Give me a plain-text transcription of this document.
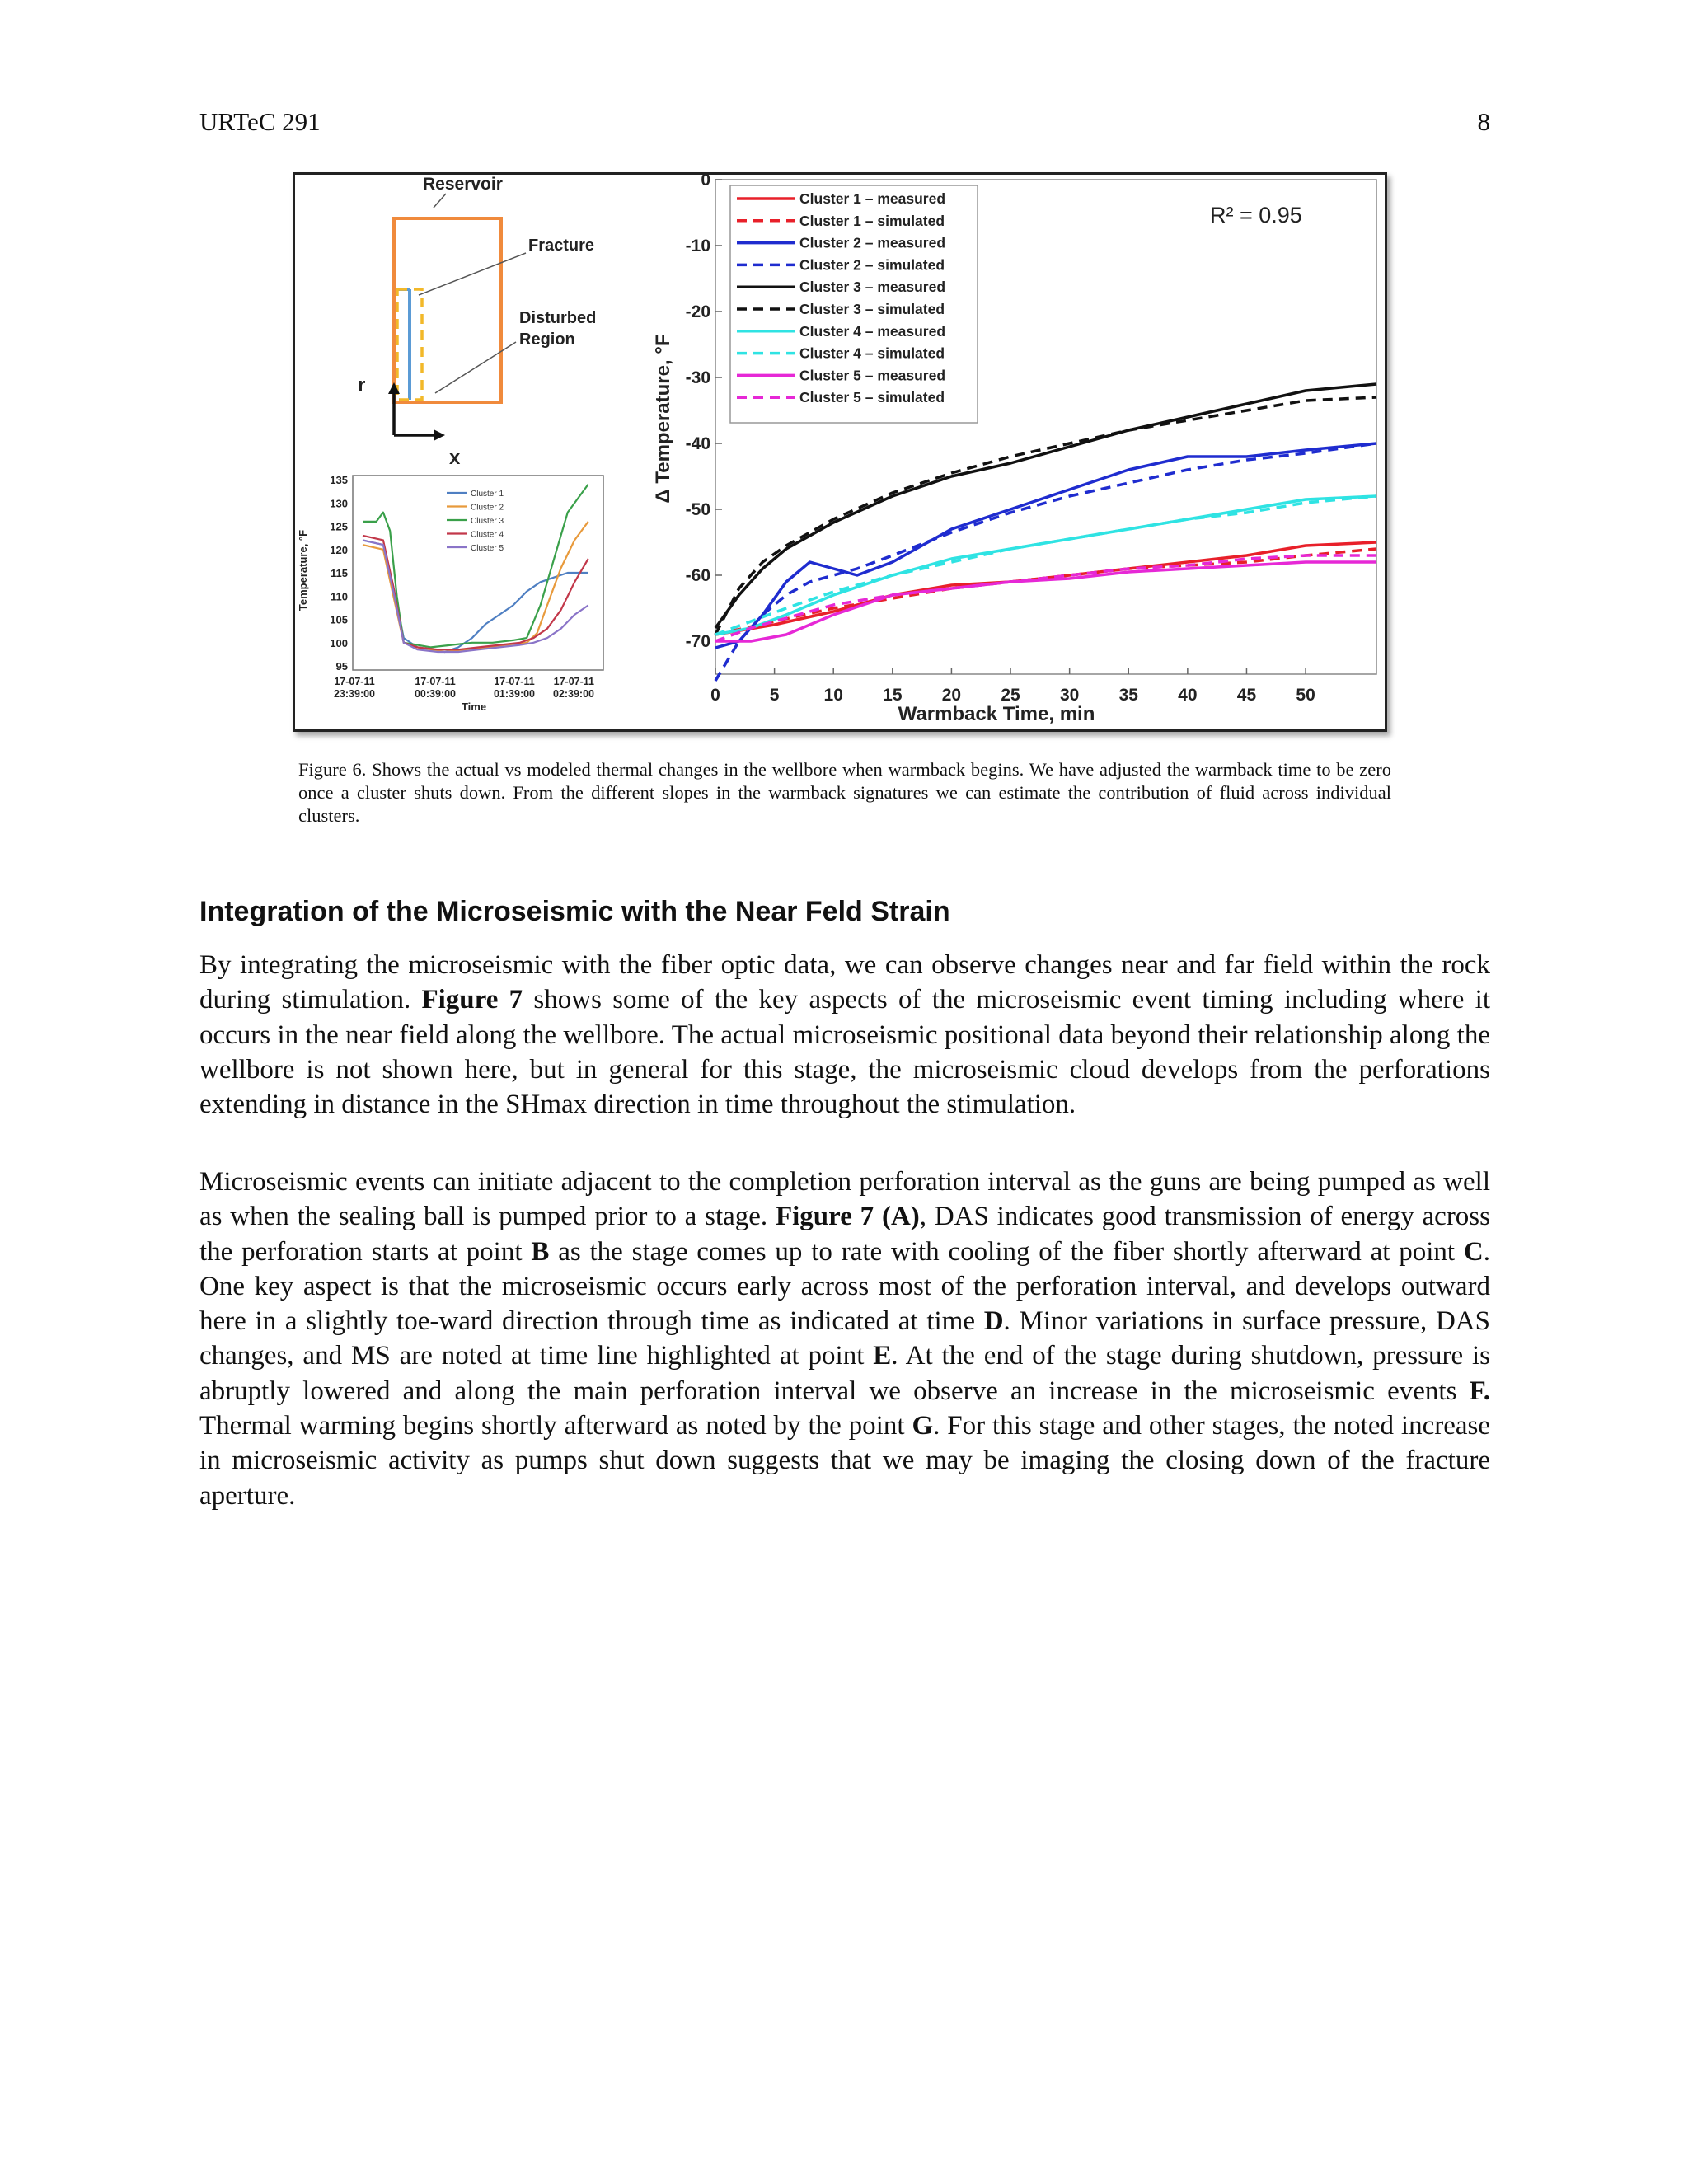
URTeC 291	8
Reservoir
Fracture
Disturbed
Region
r
x
135
130
125
120
115
110
105
100
95
17-07-11
23:39:00
17-07-11
00:39:00
17-07-11
01:39:00
17-07-11
02:39:00
Time
Temperature, °F
Cluster 1
Cluster 2
Cluster 3
Cluster 4
Cluster 5
0	5	10 15 20 25 30 35 40 45 50
0
-10
-20
-30
-40
-50
-60
-70
Warmback Time, min
Δ Temperature, °F
Cluster 1 – measured
Cluster 1 – simulated
Cluster 2 – measured
Cluster 2 – simulated
Cluster 3 – measured
Cluster 3 – simulated
Cluster 4 – measured
Cluster 4 – simulated
Cluster 5 – measured
Cluster 5 – simulated
R² = 0.95
Figure 6. Shows the actual vs modeled thermal changes in the wellbore when warmback begins. We have adjusted the warmback time to be zero once a cluster shuts down. From the different slopes in the warmback signatures we can estimate the contribution of fluid across individual clusters.
Integration of the Microseismic with the Near Feld Strain
By integrating the microseismic with the fiber optic data, we can observe changes near and far field within the rock during stimulation. Figure 7 shows some of the key aspects of the microseismic event timing including where it occurs in the near field along the wellbore. The actual microseismic positional data beyond their relationship along the wellbore is not shown here, but in general for this stage, the microseismic cloud develops from the perforations extending in distance in the SHmax direction in time throughout the stimulation.
Microseismic events can initiate adjacent to the completion perforation interval as the guns are being pumped as well as when the sealing ball is pumped prior to a stage. Figure 7 (A), DAS indicates good transmission of energy across the perforation starts at point B as the stage comes up to rate with cooling of the fiber shortly afterward at point C. One key aspect is that the microseismic occurs early across most of the perforation interval, and develops outward here in a slightly toe-ward direction through time as indicated at time D. Minor variations in surface pressure, DAS changes, and MS are noted at time line highlighted at point E. At the end of the stage during shutdown, pressure is abruptly lowered and along the main perforation interval we observe an increase in the microseismic events F. Thermal warming begins shortly afterward as noted by the point G. For this stage and other stages, the noted increase in microseismic activity as pumps shut down suggests that we may be imaging the closing down of the fracture aperture.
